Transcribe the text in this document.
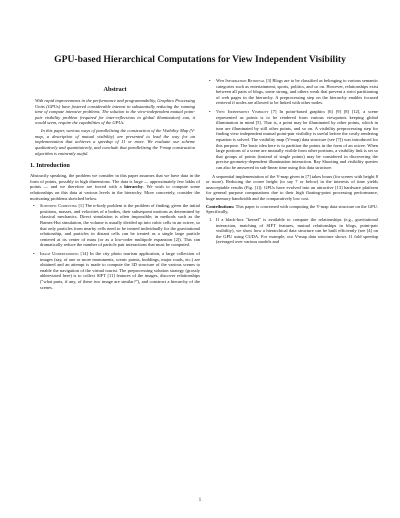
GPU-based Hierarchical Computations for View Independent Visibility
Abstract

With rapid improvements in the performance and programmability, Graphics Processing Units (GPUs) have fostered considerable interest in substantially reducing the running time of compute intensive problems. The solution to the view-independent mutual point-pair visibility problem (required for inter-reflections in global illumination) can, it would seem, require the capabilities of the GPUs.

In this paper, various ways of parallelizing the construction of the Visibility Map (V-map, a description of mutual visibility) are presented to lead the way for an implementation that achieves a speedup of 11 or more. We evaluate our scheme qualitatively and quantitatively, and conclude that parallelizing the V-map construction algorithm is eminently useful.

1. Introduction

Abstractly speaking, the problem we consider in this paper assumes that we have data in the form of points, possibly in high dimensions. The data is large — approximately few lakhs of points — and we therefore are forced with a hierarchy. We wish to compute some relationships on this data at various levels in the hierarchy. More concretely, consider the motivating problems sketched below.

• Scientific Computing [1] The n-body problem is the problem of finding, given the initial positions, masses, and velocities of n bodies, their subsequent motions as determined by classical mechanics. Direct simulation is often impossible; in methods such as the Barnes-Hut simulation, the volume is usually divided up into cubic cells in an octree, so that only particles from nearby cells need to be treated individually for the gravitational relationship, and particles in distant cells can be treated as a single large particle centered at its center of mass (or as a low-order multipole expansion [2]). This can dramatically reduce the number of particle pair interactions that must be computed.
• Image Understanding [14] In the city photo tourism application, a large collection of images (say, of one or more monuments, scenic points, buildings, major roads, etc.) are obtained and an attempt is made to compute the 3D structure of the various scenes to enable the navigation of the virtual tourist. The preprocessing solution strategy (grossly abbreviated here) is to collect SIFT [11] features of the images, discover relationships ("what parts, if any, of these two image are similar?"), and construct a hierarchy of the scenes.
• Web Information Retrieval [3] Blogs are to be classified as belonging to various semantic categories such as entertainment, sports, politics, and so on. However, relationships exist between all pairs of blogs, some strong, and others weak that prevent a strict partitioning of web pages in the hierarchy. A preprocessing step on the hierarchy enables focused retrieval if nodes are allowed to be linked with other nodes.
• View Independent Visibility [7] In point-based graphics [6] [9] [8] [12], a scene represented as points is to be rendered from various viewpoints keeping global illumination in mind [5]. That is, a point may be illuminated by other points, which in turn are illuminated by still other points, and so on. A visibility preprocessing step for finding view independent mutual point-pair visibility is useful before the costly rendering equation is solved. The visibility map (V-map) data structure (see [7]) was introduced for this purpose. The basic idea here is to partition the points in the form of an octree. When large portions of a scene are mutually visible from other portions, a visibility link is set so that groups of points (instead of single points) may be considered in discovering the precise geometry-dependent illumination interaction. Ray Shooting and visibility queries can also be answered in sub-linear time using this data structure.

A sequential implementation of the V-map given in [7] takes hours (for scenes with height 8 or more). Reducing the octree height (to say 7 or below) in the interests of time yields unacceptable results (Fig. [1]). GPUs have evolved into an attractive [13] hardware platform for general purpose computations due to their high floating-point processing performance, huge memory bandwidth and the comparatively low cost.

Contributions: This paper is concerned with computing the V-map data structure on the GPU. Specifically,

1. If a black-box "kernel" is available to compute the relationships (e.g., gravitational interaction, matching of SIFT features, mutual relationships in blogs, point-pair visibility), we show how a hierarchical data structure can be built efficiently (see [4] on the GPU using CUDA. For example, our V-map data structure shows 11 fold speedup (averaged over various models and
1
